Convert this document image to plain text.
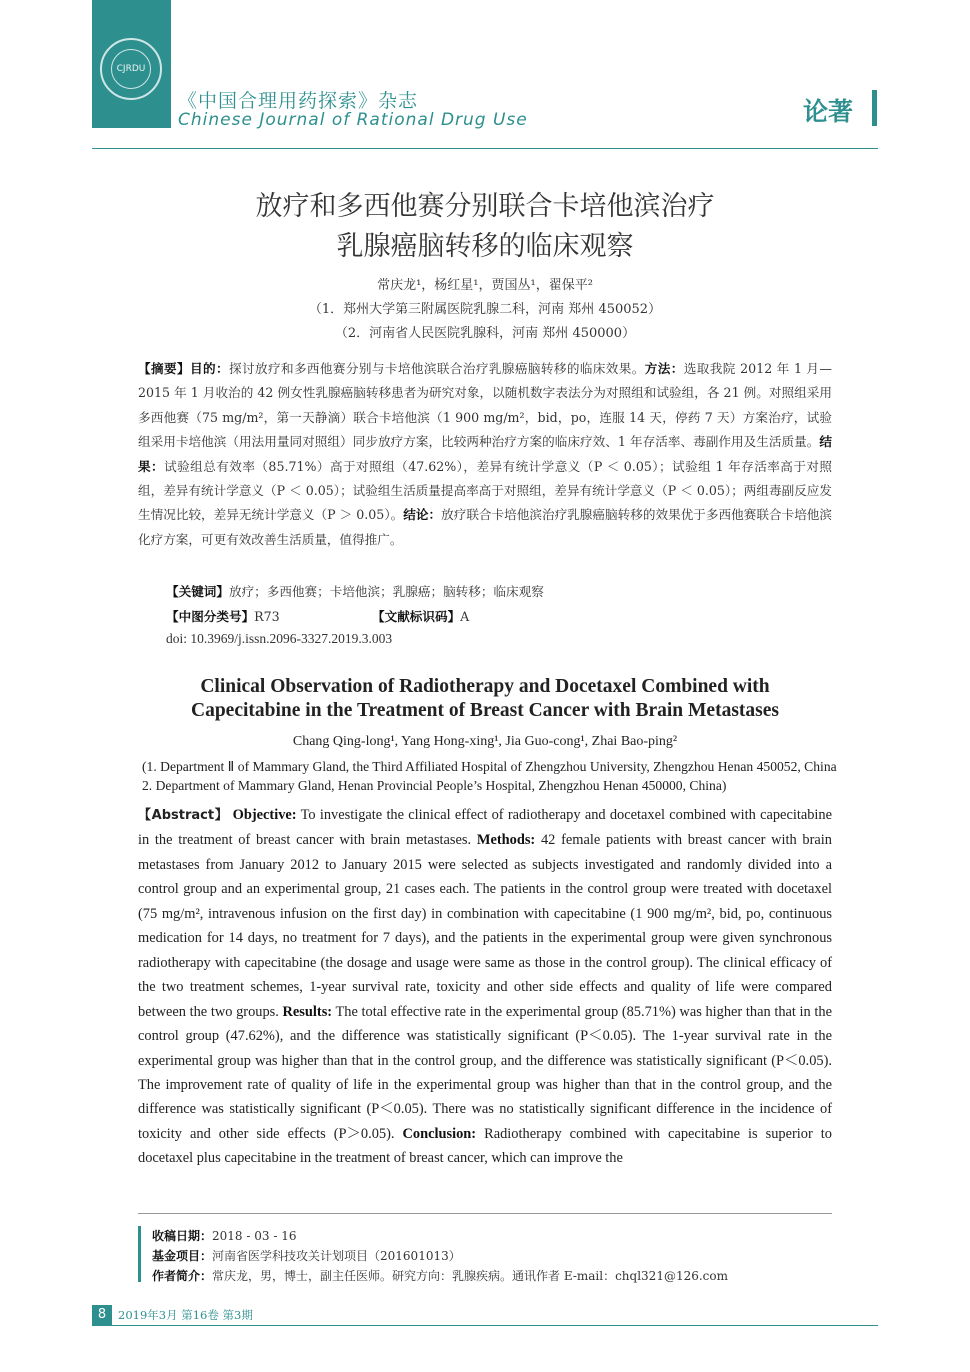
CJRDU
《中国合理用药探索》杂志
Chinese Journal of Rational Drug Use	论著
放疗和多西他赛分别联合卡培他滨治疗
乳腺癌脑转移的临床观察
常庆龙¹，杨红星¹，贾国丛¹，翟保平²
（1．郑州大学第三附属医院乳腺二科，河南 郑州 450052）
（2．河南省人民医院乳腺科，河南 郑州 450000）
【摘要】目的：探讨放疗和多西他赛分别与卡培他滨联合治疗乳腺癌脑转移的临床效果。方法：选取我院 2012 年 1 月—2015 年 1 月收治的 42 例女性乳腺癌脑转移患者为研究对象，以随机数字表法分为对照组和试验组，各 21 例。对照组采用多西他赛（75 mg/m²，第一天静滴）联合卡培他滨（1 900 mg/m²，bid，po，连服 14 天，停药 7 天）方案治疗，试验组采用卡培他滨（用法用量同对照组）同步放疗方案，比较两种治疗方案的临床疗效、1 年存活率、毒副作用及生活质量。结果：试验组总有效率（85.71%）高于对照组（47.62%），差异有统计学意义（P ＜ 0.05）；试验组 1 年存活率高于对照组，差异有统计学意义（P ＜ 0.05）；试验组生活质量提高率高于对照组，差异有统计学意义（P ＜ 0.05）；两组毒副反应发生情况比较，差异无统计学意义（P ＞ 0.05）。结论：放疗联合卡培他滨治疗乳腺癌脑转移的效果优于多西他赛联合卡培他滨化疗方案，可更有效改善生活质量，值得推广。
【关键词】放疗；多西他赛；卡培他滨；乳腺癌；脑转移；临床观察
【中图分类号】R73	【文献标识码】A
doi: 10.3969/j.issn.2096-3327.2019.3.003
Clinical Observation of Radiotherapy and Docetaxel Combined with
Capecitabine in the Treatment of Breast Cancer with Brain Metastases
Chang Qing-long¹, Yang Hong-xing¹, Jia Guo-cong¹, Zhai Bao-ping²
(1. Department Ⅱ of Mammary Gland, the Third Affiliated Hospital of Zhengzhou University, Zhengzhou Henan 450052, China　2. Department of Mammary Gland, Henan Provincial People’s Hospital, Zhengzhou Henan 450000, China)
【Abstract】 Objective: To investigate the clinical effect of radiotherapy and docetaxel combined with capecitabine in the treatment of breast cancer with brain metastases. Methods: 42 female patients with breast cancer with brain metastases from January 2012 to January 2015 were selected as subjects investigated and randomly divided into a control group and an experimental group, 21 cases each. The patients in the control group were treated with docetaxel (75 mg/m², intravenous infusion on the first day) in combination with capecitabine (1 900 mg/m², bid, po, continuous medication for 14 days, no treatment for 7 days), and the patients in the experimental group were given synchronous radiotherapy with capecitabine (the dosage and usage were same as those in the control group). The clinical efficacy of the two treatment schemes, 1-year survival rate, toxicity and other side effects and quality of life were compared between the two groups. Results: The total effective rate in the experimental group (85.71%) was higher than that in the control group (47.62%), and the difference was statistically significant (P＜0.05). The 1-year survival rate in the experimental group was higher than that in the control group, and the difference was statistically significant (P＜0.05). The improvement rate of quality of life in the experimental group was higher than that in the control group, and the difference was statistically significant (P＜0.05). There was no statistically significant difference in the incidence of toxicity and other side effects (P＞0.05). Conclusion: Radiotherapy combined with capecitabine is superior to docetaxel plus capecitabine in the treatment of breast cancer, which can improve the
收稿日期：2018 - 03 - 16
基金项目：河南省医学科技攻关计划项目（201601013）
作者简介：常庆龙，男，博士，副主任医师。研究方向：乳腺疾病。通讯作者 E-mail：chql321@126.com
8	2019年3月 第16卷 第3期
